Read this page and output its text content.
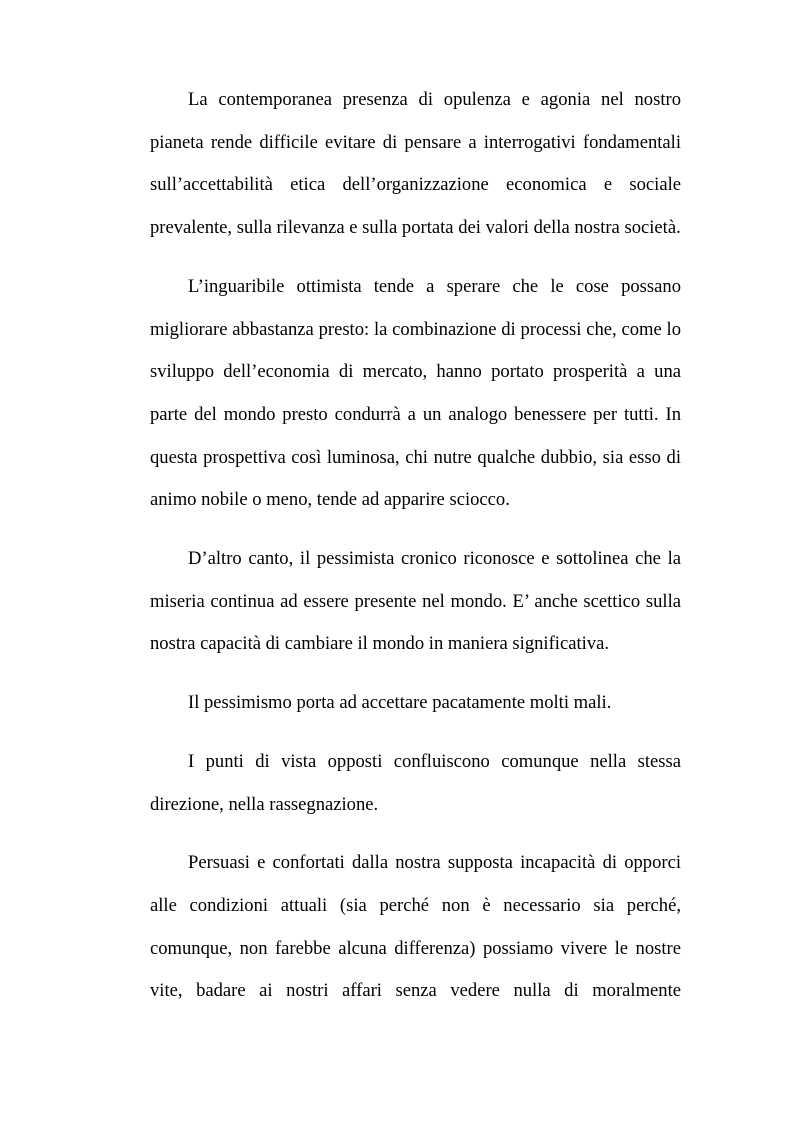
La contemporanea presenza di opulenza e agonia nel nostro pianeta rende difficile evitare di pensare a interrogativi fondamentali sull’accettabilità etica dell’organizzazione economica e sociale prevalente, sulla rilevanza e sulla portata dei valori della nostra società.

L’inguaribile ottimista tende a sperare che le cose possano migliorare abbastanza presto: la combinazione di processi che, come lo sviluppo dell’economia di mercato, hanno portato prosperità a una parte del mondo presto condurrà a un analogo benessere per tutti. In questa prospettiva così luminosa, chi nutre qualche dubbio, sia esso di animo nobile o meno, tende ad apparire sciocco.

D’altro canto, il pessimista cronico riconosce e sottolinea che la miseria continua ad essere presente nel mondo. E’ anche scettico sulla nostra capacità di cambiare il mondo in maniera significativa.

Il pessimismo porta ad accettare pacatamente molti mali.

I punti di vista opposti confluiscono comunque nella stessa direzione, nella rassegnazione.

Persuasi e confortati dalla nostra supposta incapacità di opporci alle condizioni attuali (sia perché non è necessario sia perché, comunque, non farebbe alcuna differenza) possiamo vivere le nostre vite, badare ai nostri affari senza vedere nulla di moralmente
